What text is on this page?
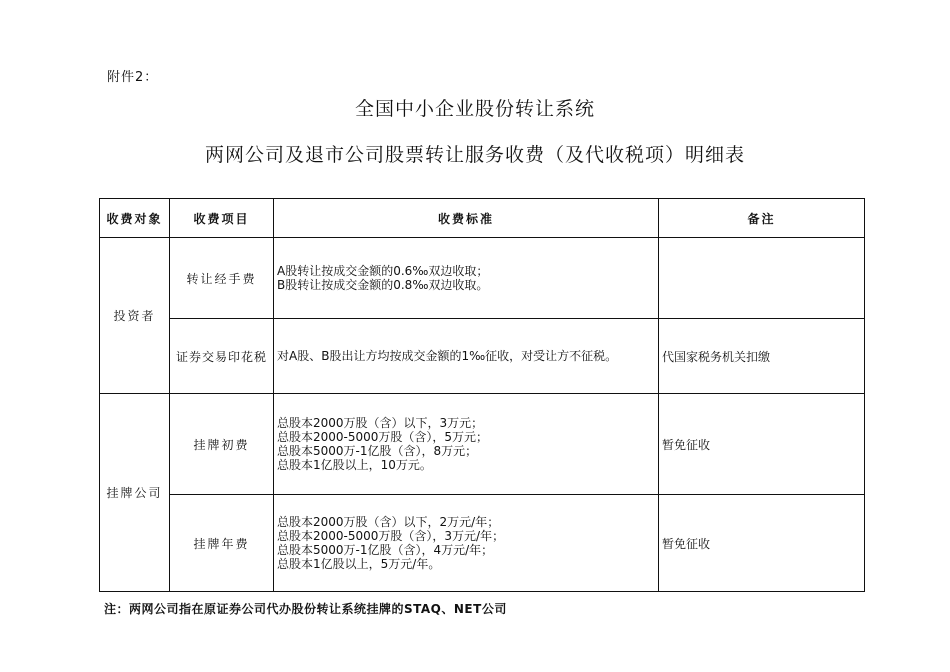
附件2：
全国中小企业股份转让系统
两网公司及退市公司股票转让服务收费（及代收税项）明细表
收费对象	收费项目	收费标准	备注
投资者	转让经手费	A股转让按成交金额的0.6‰双边收取；
B股转让按成交金额的0.8‰双边收取。	

	证券交易印花税	对A股、B股出让方均按成交金额的1‰征收，对受让方不征税。	代国家税务机关扣缴
挂牌公司	挂牌初费	总股本2000万股（含）以下，3万元；
总股本2000-5000万股（含），5万元；
总股本5000万-1亿股（含），8万元；
总股本1亿股以上，10万元。	暂免征收
	挂牌年费	总股本2000万股（含）以下，2万元/年；
总股本2000-5000万股（含），3万元/年；
总股本5000万-1亿股（含），4万元/年；
总股本1亿股以上，5万元/年。	暂免征收
注：两网公司指在原证券公司代办股份转让系统挂牌的STAQ、NET公司
